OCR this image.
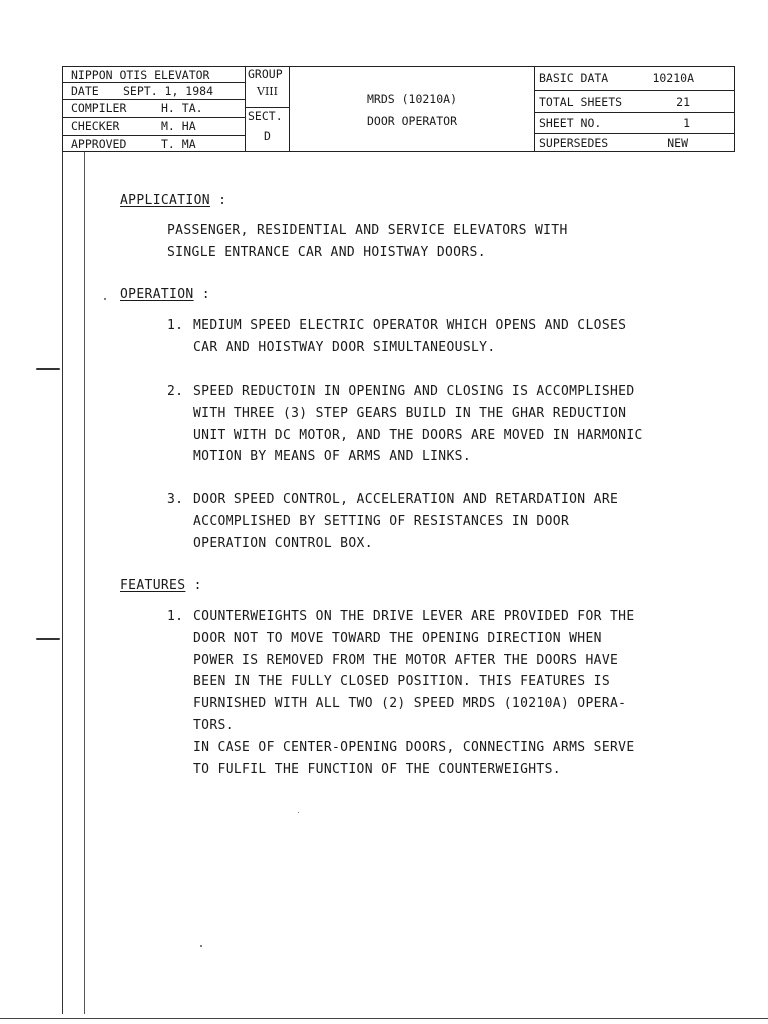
NIPPON OTIS ELEVATOR
DATE SEPT. 1, 1984
COMPILER	H. TA.
CHECKER	M. HA
APPROVED	T. MA
GROUP
VIII
SECT.
D
MRDS (10210A)
DOOR OPERATOR
BASIC DATA	10210A
TOTAL SHEETS	21
SHEET NO.	1
SUPERSEDES	NEW
APPLICATION :
PASSENGER, RESIDENTIAL AND SERVICE ELEVATORS WITH
SINGLE ENTRANCE CAR AND HOISTWAY DOORS.
OPERATION :
1. MEDIUM SPEED ELECTRIC OPERATOR WHICH OPENS AND CLOSES
CAR AND HOISTWAY DOOR SIMULTANEOUSLY.
2. SPEED REDUCTOIN IN OPENING AND CLOSING IS ACCOMPLISHED
WITH THREE (3) STEP GEARS BUILD IN THE GHAR REDUCTION
UNIT WITH DC MOTOR, AND THE DOORS ARE MOVED IN HARMONIC
MOTION BY MEANS OF ARMS AND LINKS.
3. DOOR SPEED CONTROL, ACCELERATION AND RETARDATION ARE
ACCOMPLISHED BY SETTING OF RESISTANCES IN DOOR
OPERATION CONTROL BOX.
FEATURES :
1. COUNTERWEIGHTS ON THE DRIVE LEVER ARE PROVIDED FOR THE
DOOR NOT TO MOVE TOWARD THE OPENING DIRECTION WHEN
POWER IS REMOVED FROM THE MOTOR AFTER THE DOORS HAVE
BEEN IN THE FULLY CLOSED POSITION. THIS FEATURES IS
FURNISHED WITH ALL TWO (2) SPEED MRDS (10210A) OPERA-
TORS.
IN CASE OF CENTER-OPENING DOORS, CONNECTING ARMS SERVE
TO FULFIL THE FUNCTION OF THE COUNTERWEIGHTS.
